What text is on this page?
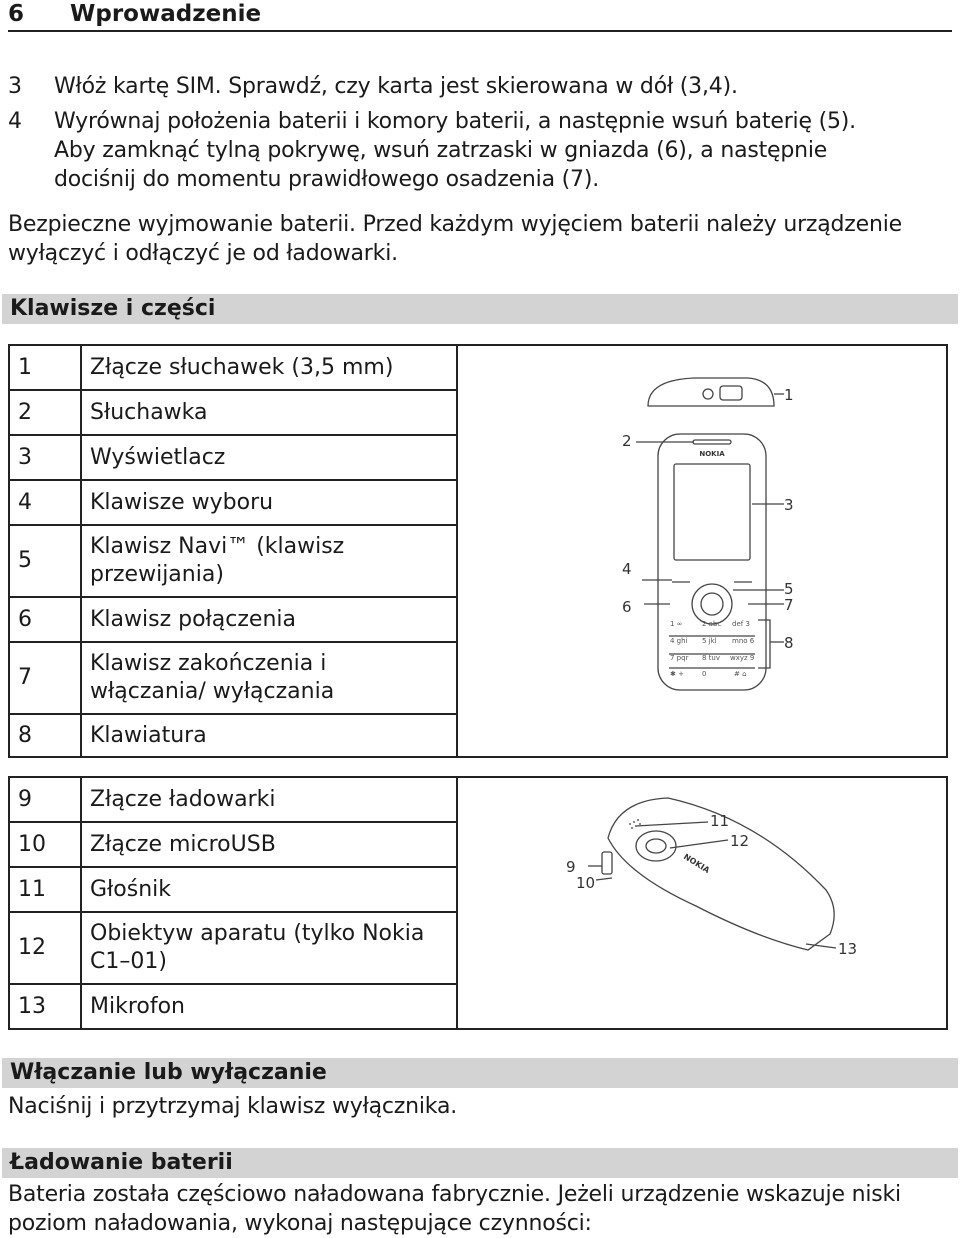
6 Wprowadzenie
3 Włóż kartę SIM. Sprawdź, czy karta jest skierowana w dół (3,4).
4 Wyrównaj położenia baterii i komory baterii, a następnie wsuń baterię (5). Aby zamknąć tylną pokrywę, wsuń zatrzaski w gniazda (6), a następnie dociśnij do momentu prawidłowego osadzenia (7).
Bezpieczne wyjmowanie baterii. Przed każdym wyjęciem baterii należy urządzenie wyłączyć i odłączyć je od ładowarki.
Klawisze i części
1	Złącze słuchawek (3,5 mm)
2	Słuchawka
3	Wyświetlacz
4	Klawisze wyboru
5	Klawisz Navi™ (klawisz przewijania)
6	Klawisz połączenia
7	Klawisz zakończenia i włączania/ wyłączania
8	Klawiatura
NOKIA
1 ∞	2 abc def 3
4 ghi 5 jkl mno 6
7 pqr 8 tuv wxyz 9
✱ +	0	# ⌂
1
2
3
4
5
6	7
8
9	Złącze ładowarki
10	Złącze microUSB
11	Głośnik
12	Obiektyw aparatu (tylko Nokia C1–01)
13	Mikrofon
NOKIA
9
10
11
12
13
Włączanie lub wyłączanie
Naciśnij i przytrzymaj klawisz wyłącznika.
Ładowanie baterii
Bateria została częściowo naładowana fabrycznie. Jeżeli urządzenie wskazuje niski poziom naładowania, wykonaj następujące czynności:
